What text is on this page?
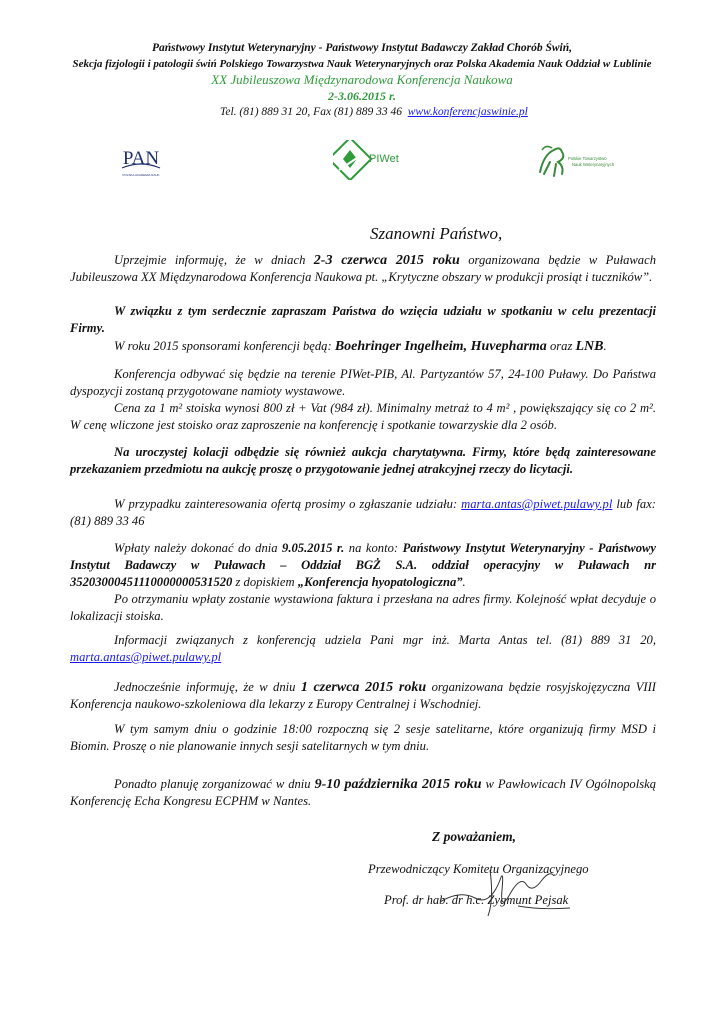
Państwowy Instytut Weterynaryjny - Państwowy Instytut Badawczy Zakład Chorób Świń,
Sekcja fizjologii i patologii świń Polskiego Towarzystwa Nauk Weterynaryjnych oraz Polska Akademia Nauk Oddział w Lublinie
XX Jubileuszowa Międzynarodowa Konferencja Naukowa
2-3.06.2015 r.
Tel. (81) 889 31 20, Fax (81) 889 33 46 www.konferencjaswinie.pl
PAN
POLSKA AKADEMIA NAUK
PIWet	Polskie Towarzystwo
Nauk Weterynaryjnych
Szanowni Państwo,

Uprzejmie informuję, że w dniach 2-3 czerwca 2015 roku organizowana będzie w Puławach Jubileuszowa XX Międzynarodowa Konferencja Naukowa pt. „Krytyczne obszary w produkcji prosiąt i tuczników”.

W związku z tym serdecznie zapraszam Państwa do wzięcia udziału w spotkaniu w celu prezentacji Firmy.

W roku 2015 sponsorami konferencji będą: Boehringer Ingelheim, Huvepharma oraz LNB.

Konferencja odbywać się będzie na terenie PIWet-PIB, Al. Partyzantów 57, 24-100 Puławy. Do Państwa dyspozycji zostaną przygotowane namioty wystawowe.

Cena za 1 m² stoiska wynosi 800 zł + Vat (984 zł). Minimalny metraż to 4 m² , powiększający się co 2 m². W cenę wliczone jest stoisko oraz zaproszenie na konferencję i spotkanie towarzyskie dla 2 osób.

Na uroczystej kolacji odbędzie się również aukcja charytatywna. Firmy, które będą zainteresowane przekazaniem przedmiotu na aukcję proszę o przygotowanie jednej atrakcyjnej rzeczy do licytacji.

W przypadku zainteresowania ofertą prosimy o zgłaszanie udziału: marta.antas@piwet.pulawy.pl lub fax: (81) 889 33 46

Wpłaty należy dokonać do dnia 9.05.2015 r. na konto: Państwowy Instytut Weterynaryjny - Państwowy Instytut Badawczy w Puławach – Oddział BGŻ S.A. oddział operacyjny w Puławach nr 35203000451110000000531520 z dopiskiem „Konferencja hyopatologiczna”.

Po otrzymaniu wpłaty zostanie wystawiona faktura i przesłana na adres firmy. Kolejność wpłat decyduje o lokalizacji stoiska.

Informacji związanych z konferencją udziela Pani mgr inż. Marta Antas tel. (81) 889 31 20, marta.antas@piwet.pulawy.pl

Jednocześnie informuję, że w dniu 1 czerwca 2015 roku organizowana będzie rosyjskojęzyczna VIII Konferencja naukowo-szkoleniowa dla lekarzy z Europy Centralnej i Wschodniej.

W tym samym dniu o godzinie 18:00 rozpoczną się 2 sesje satelitarne, które organizują firmy MSD i Biomin. Proszę o nie planowanie innych sesji satelitarnych w tym dniu.

Ponadto planuję zorganizować w dniu 9-10 października 2015 roku w Pawłowicach IV Ogólnopolską Konferencję Echa Kongresu ECPHM w Nantes.

Z poważaniem,
Przewodniczący Komitetu Organizacyjnego
Prof. dr hab. dr h.c. Zygmunt Pejsak
